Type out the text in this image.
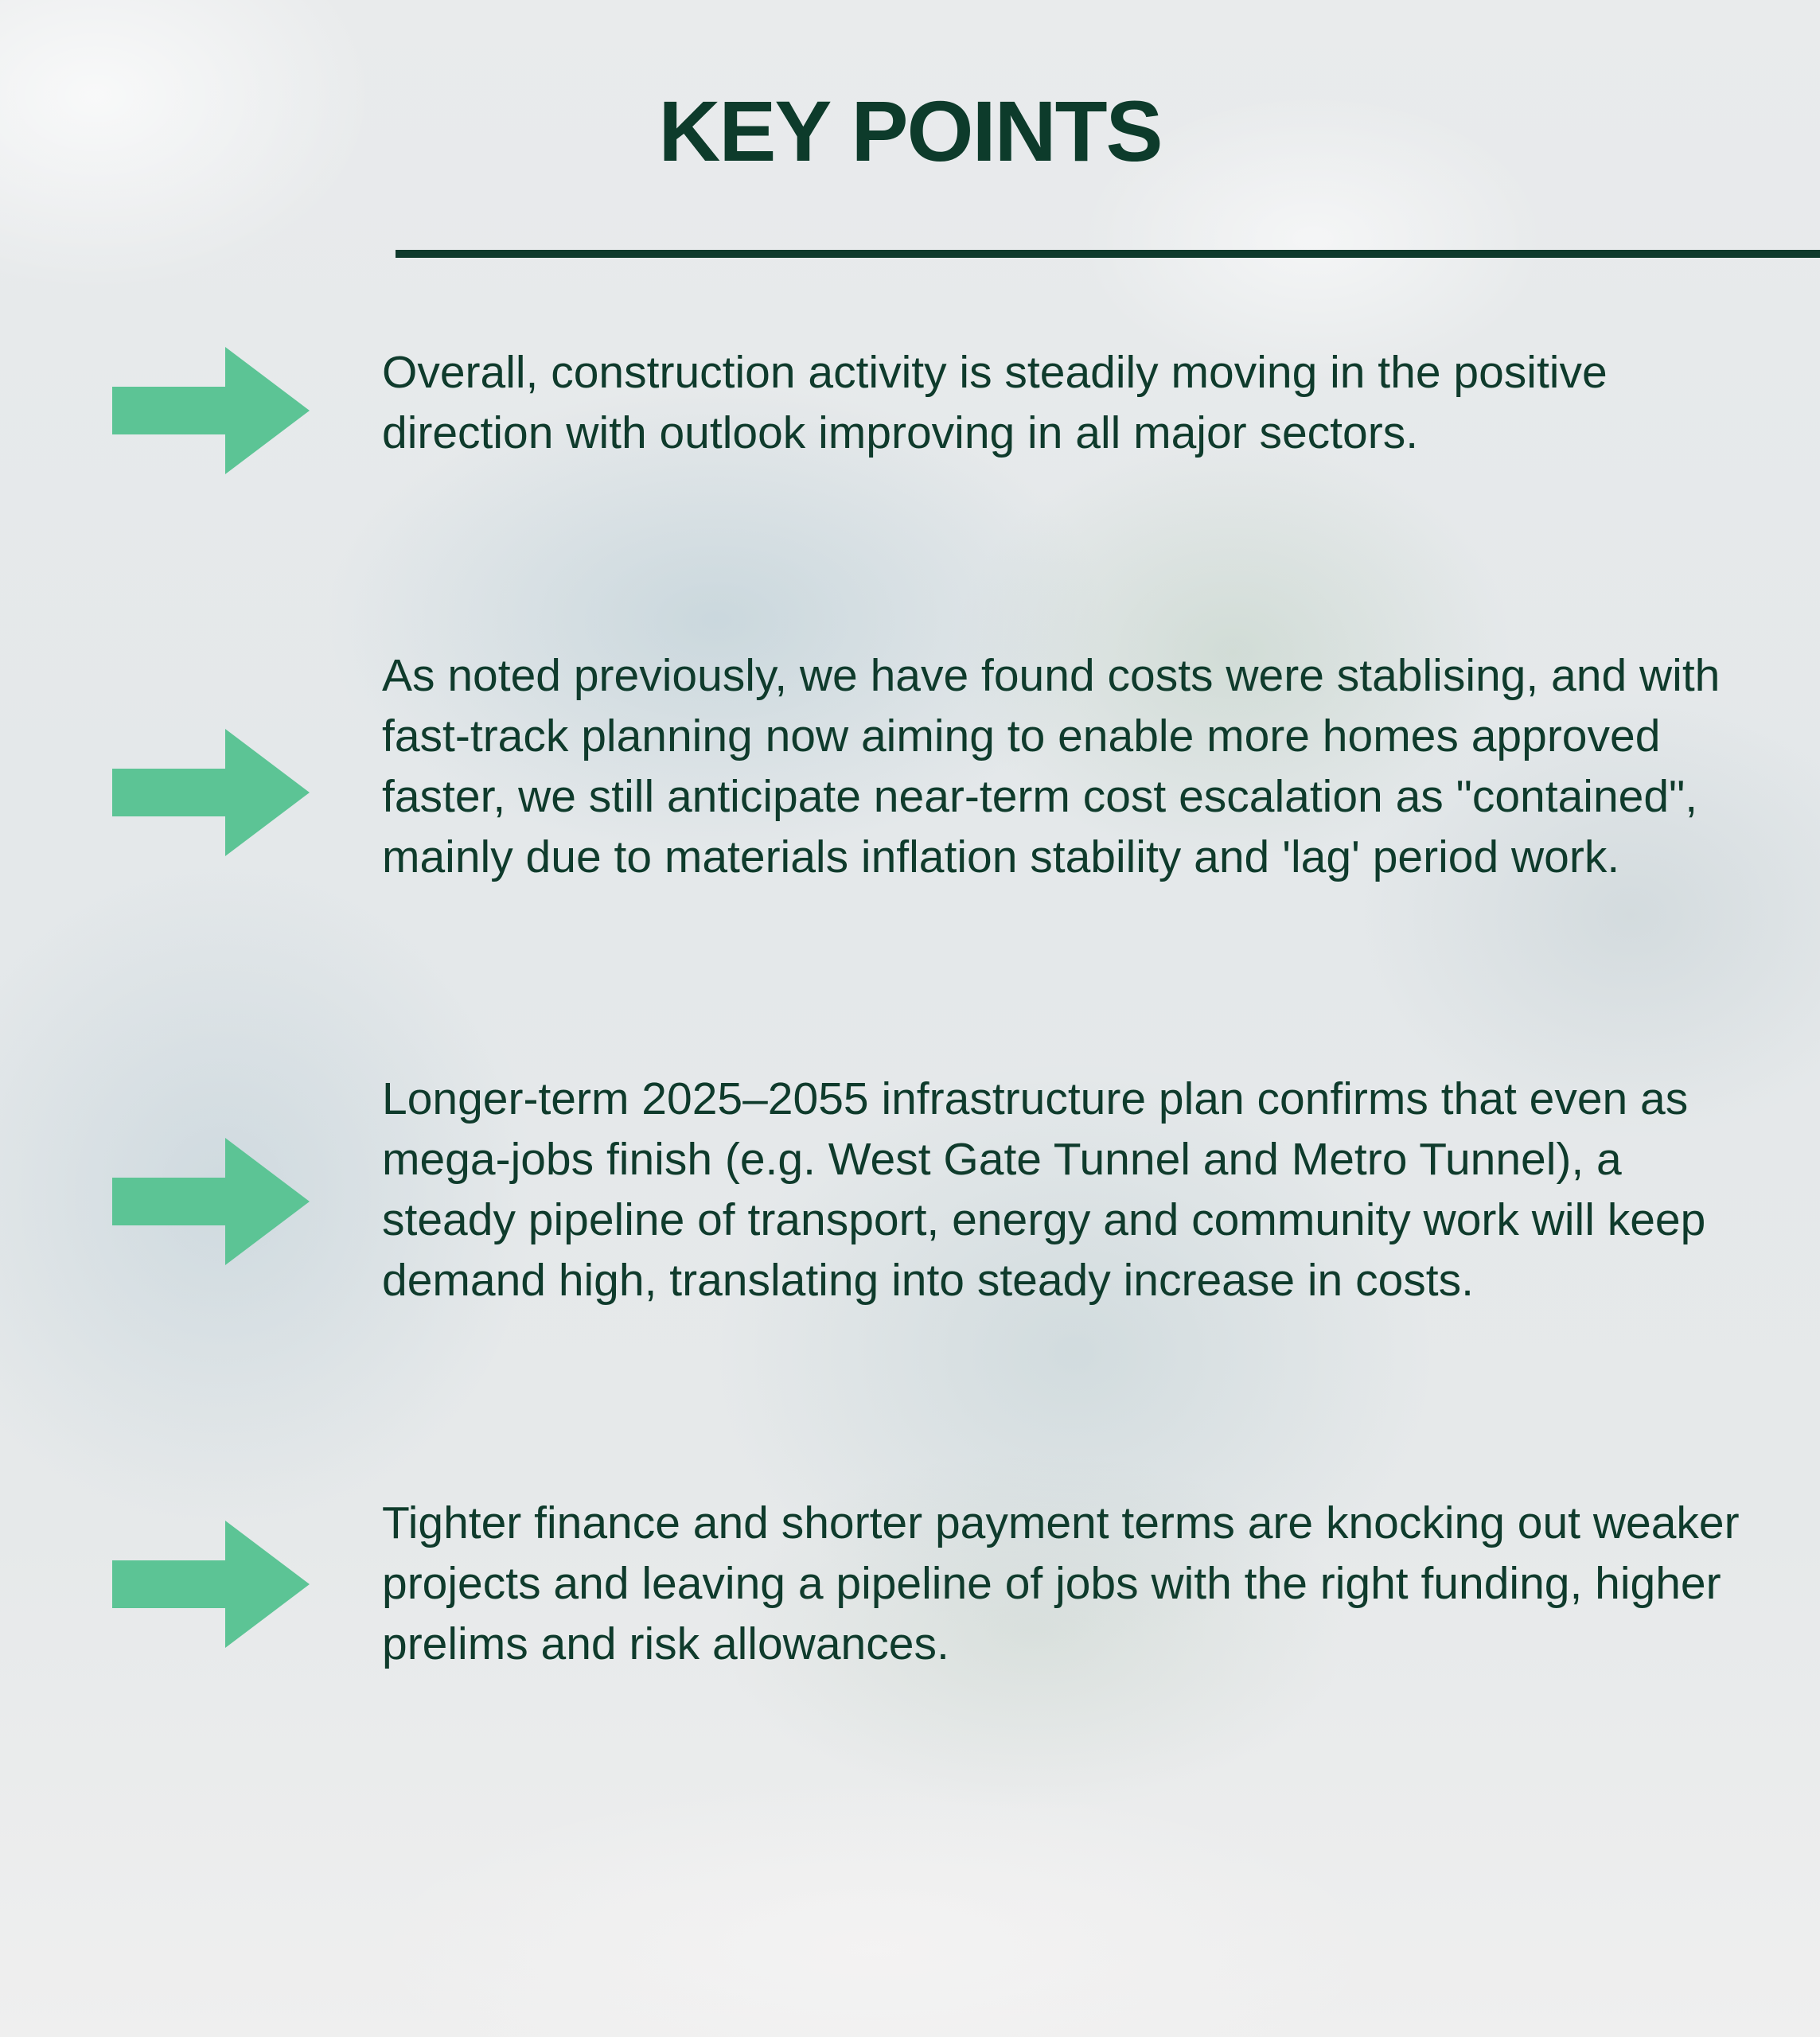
KEY POINTS

Overall, construction activity is steadily moving in the positive direction with outlook improving in all major sectors.

As noted previously, we have found costs were stablising, and with fast-track planning now aiming to enable more homes approved faster, we still anticipate near-term cost escalation as "contained", mainly due to materials inflation stability and 'lag' period work.

Longer-term 2025–2055 infrastructure plan confirms that even as mega-jobs finish (e.g. West Gate Tunnel and Metro Tunnel), a steady pipeline of transport, energy and community work will keep demand high, translating into steady increase in costs.

Tighter finance and shorter payment terms are knocking out weaker projects and leaving a pipeline of jobs with the right funding, higher prelims and risk allowances.
